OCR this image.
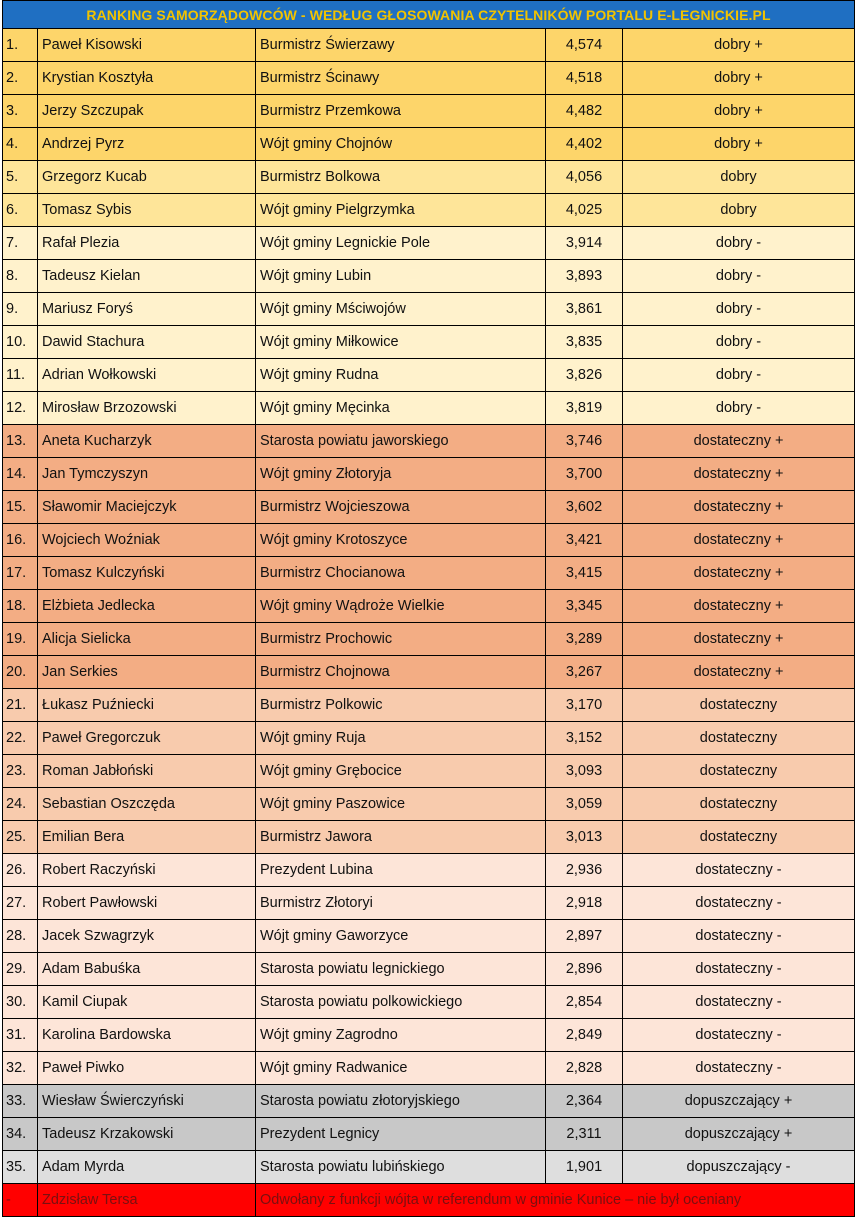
RANKING SAMORZĄDOWCÓW - WEDŁUG GŁOSOWANIA CZYTELNIKÓW PORTALU E-LEGNICKIE.PL				
1.	Paweł Kisowski	Burmistrz Świerzawy	4,574	dobry +
2.	Krystian Kosztyła	Burmistrz Ścinawy	4,518	dobry +
3.	Jerzy Szczupak	Burmistrz Przemkowa	4,482	dobry +
4.	Andrzej Pyrz	Wójt gminy Chojnów	4,402	dobry +
5.	Grzegorz Kucab	Burmistrz Bolkowa	4,056	dobry
6.	Tomasz Sybis	Wójt gminy Pielgrzymka	4,025	dobry
7.	Rafał Plezia	Wójt gminy Legnickie Pole	3,914	dobry -
8.	Tadeusz Kielan	Wójt gminy Lubin	3,893	dobry -
9.	Mariusz Foryś	Wójt gminy Mściwojów	3,861	dobry -
10.	Dawid Stachura	Wójt gminy Miłkowice	3,835	dobry -
11.	Adrian Wołkowski	Wójt gminy Rudna	3,826	dobry -
12.	Mirosław Brzozowski	Wójt gminy Męcinka	3,819	dobry -
13.	Aneta Kucharzyk	Starosta powiatu jaworskiego	3,746	dostateczny +
14.	Jan Tymczyszyn	Wójt gminy Złotoryja	3,700	dostateczny +
15.	Sławomir Maciejczyk	Burmistrz Wojcieszowa	3,602	dostateczny +
16.	Wojciech Woźniak	Wójt gminy Krotoszyce	3,421	dostateczny +
17.	Tomasz Kulczyński	Burmistrz Chocianowa	3,415	dostateczny +
18.	Elżbieta Jedlecka	Wójt gminy Wądroże Wielkie	3,345	dostateczny +
19.	Alicja Sielicka	Burmistrz Prochowic	3,289	dostateczny +
20.	Jan Serkies	Burmistrz Chojnowa	3,267	dostateczny +
21.	Łukasz Puźniecki	Burmistrz Polkowic	3,170	dostateczny
22.	Paweł Gregorczuk	Wójt gminy Ruja	3,152	dostateczny
23.	Roman Jabłoński	Wójt gminy Grębocice	3,093	dostateczny
24.	Sebastian Oszczęda	Wójt gminy Paszowice	3,059	dostateczny
25.	Emilian Bera	Burmistrz Jawora	3,013	dostateczny
26.	Robert Raczyński	Prezydent Lubina	2,936	dostateczny -
27.	Robert Pawłowski	Burmistrz Złotoryi	2,918	dostateczny -
28.	Jacek Szwagrzyk	Wójt gminy Gaworzyce	2,897	dostateczny -
29.	Adam Babuśka	Starosta powiatu legnickiego	2,896	dostateczny -
30.	Kamil Ciupak	Starosta powiatu polkowickiego	2,854	dostateczny -
31.	Karolina Bardowska	Wójt gminy Zagrodno	2,849	dostateczny -
32.	Paweł Piwko	Wójt gminy Radwanice	2,828	dostateczny -
33.	Wiesław Świerczyński	Starosta powiatu złotoryjskiego	2,364	dopuszczający +
34.	Tadeusz Krzakowski	Prezydent Legnicy	2,311	dopuszczający +
35.	Adam Myrda	Starosta powiatu lubińskiego	1,901	dopuszczający -
-	Zdzisław Tersa	Odwołany z funkcji wójta w referendum w gminie Kunice – nie był oceniany		
